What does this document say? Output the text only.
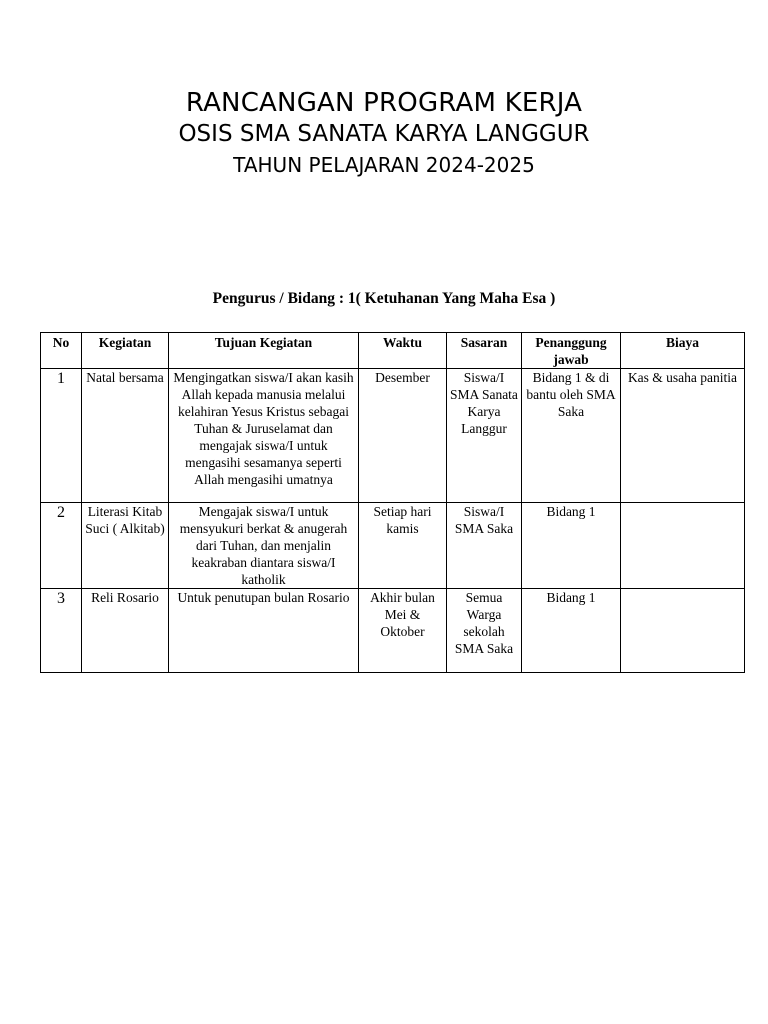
RANCANGAN PROGRAM KERJA
OSIS SMA SANATA KARYA LANGGUR
TAHUN PELAJARAN 2024-2025
Pengurus / Bidang : 1( Ketuhanan Yang Maha Esa )
No	Kegiatan	Tujuan Kegiatan	Waktu	Sasaran	Penanggung jawab	Biaya
1	Natal bersama	Mengingatkan siswa/I akan kasih Allah kepada manusia melalui kelahiran Yesus Kristus sebagai Tuhan & Juruselamat dan mengajak siswa/I untuk mengasihi sesamanya seperti Allah mengasihi umatnya	Desember	Siswa/I SMA Sanata Karya Langgur	Bidang 1 & di bantu oleh SMA Saka	Kas & usaha panitia
2	Literasi Kitab Suci ( Alkitab)	Mengajak siswa/I untuk mensyukuri berkat & anugerah dari Tuhan, dan menjalin keakraban diantara siswa/I katholik	Setiap hari kamis	Siswa/I SMA Saka	Bidang 1	
3	Reli Rosario	Untuk penutupan bulan Rosario	Akhir bulan Mei & Oktober	Semua Warga sekolah SMA Saka	Bidang 1	
